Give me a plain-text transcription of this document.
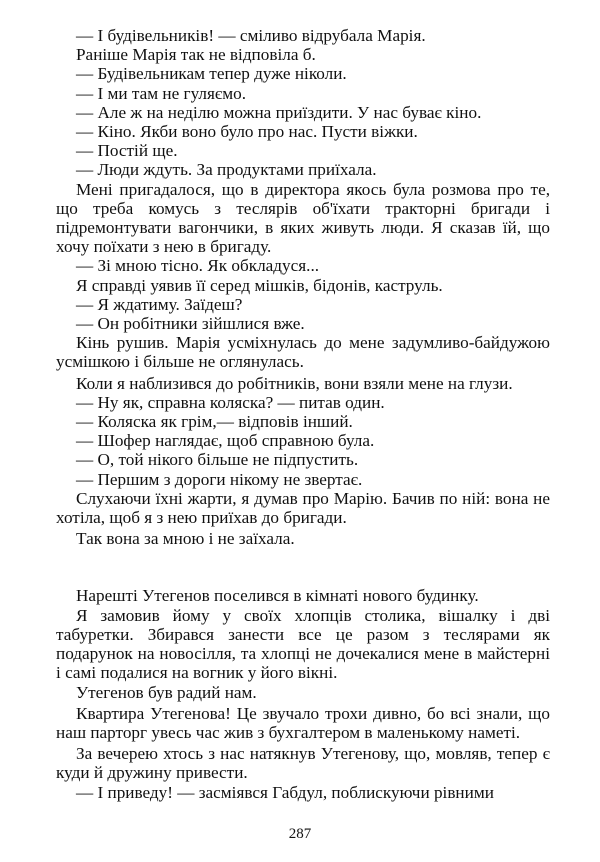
— І будівельників! — сміливо відрубала Марія.

Раніше Марія так не відповіла б.

— Будівельникам тепер дуже ніколи.

— І ми там не гуляємо.

— Але ж на неділю можна приїздити. У нас буває кіно.

— Кіно. Якби воно було про нас. Пусти віжки.

— Постій ще.

— Люди ждуть. За продуктами приїхала.

Мені пригадалося, що в директора якось була розмова про те, що треба комусь з теслярів об'їхати тракторні бригади і підремонтувати вагончики, в яких живуть люди. Я сказав їй, що хочу поїхати з нею в бригаду.

— Зі мною тісно. Як обкладуся...

Я справді уявив її серед мішків, бідонів, каструль.

— Я ждатиму. Заїдеш?

— Он робітники зійшлися вже.

Кінь рушив. Марія усміхнулась до мене задумливо-байдужою усмішкою і більше не оглянулась.

Коли я наблизився до робітників, вони взяли мене на глузи.

— Ну як, справна коляска? — питав один.

— Коляска як грім,— відповів інший.

— Шофер наглядає, щоб справною була.

— О, той нікого більше не підпустить.

— Першим з дороги нікому не звертає.

Слухаючи їхні жарти, я думав про Марію. Бачив по ній: вона не хотіла, щоб я з нею приїхав до бригади.

Так вона за мною і не заїхала.

Нарешті Утегенов поселився в кімнаті нового будинку.

Я замовив йому у своїх хлопців столика, вішалку і дві табуретки. Збирався занести все це разом з теслярами як подарунок на новосілля, та хлопці не дочекалися мене в майстерні і самі подалися на вогник у його вікні.

Утегенов був радий нам.

Квартира Утегенова! Це звучало трохи дивно, бо всі знали, що наш парторг увесь час жив з бухгалтером в маленькому наметі.

За вечерею хтось з нас натякнув Утегенову, що, мовляв, тепер є куди й дружину привести.

— І приведу! — засміявся Габдул, поблискуючи рівними

287
